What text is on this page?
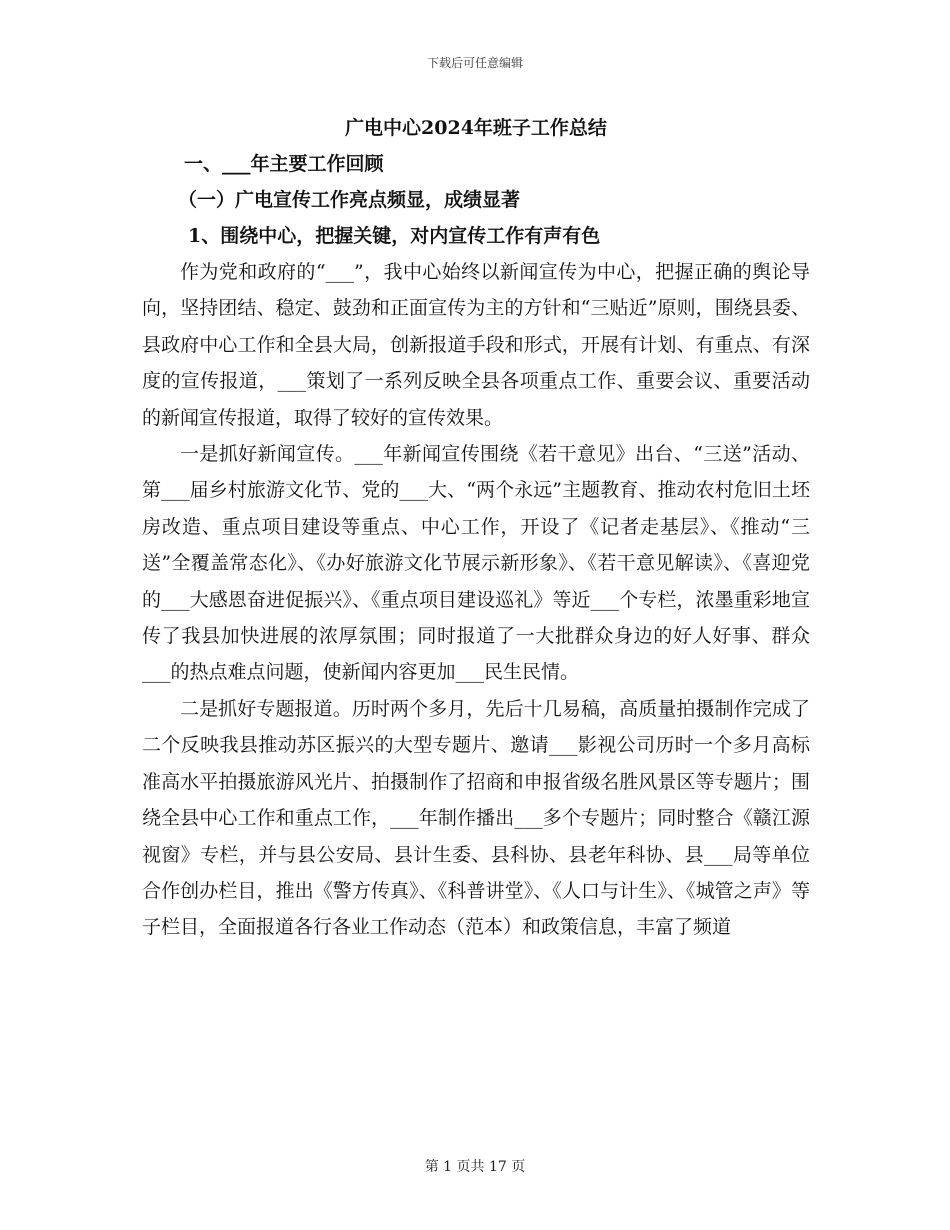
下载后可任意编辑
广电中心2024年班子工作总结
一、___年主要工作回顾
（一）广电宣传工作亮点频显，成绩显著
1、围绕中心，把握关键，对内宣传工作有声有色

作为党和政府的“___”，我中心始终以新闻宣传为中心，把握正确的舆论导向，坚持团结、稳定、鼓劲和正面宣传为主的方针和“三贴近”原则，围绕县委、县政府中心工作和全县大局，创新报道手段和形式，开展有计划、有重点、有深度的宣传报道，___策划了一系列反映全县各项重点工作、重要会议、重要活动的新闻宣传报道，取得了较好的宣传效果。

一是抓好新闻宣传。___年新闻宣传围绕《若干意见》出台、“三送”活动、第___届乡村旅游文化节、党的___大、“两个永远”主题教育、推动农村危旧土坯房改造、重点项目建设等重点、中心工作，开设了《记者走基层》、《推动“三送”全覆盖常态化》、《办好旅游文化节展示新形象》、《若干意见解读》、《喜迎党的___大感恩奋进促振兴》、《重点项目建设巡礼》等近___个专栏，浓墨重彩地宣传了我县加快进展的浓厚氛围；同时报道了一大批群众身边的好人好事、群众___的热点难点问题，使新闻内容更加___民生民情。

二是抓好专题报道。历时两个多月，先后十几易稿，高质量拍摄制作完成了二个反映我县推动苏区振兴的大型专题片、邀请___影视公司历时一个多月高标准高水平拍摄旅游风光片、拍摄制作了招商和申报省级名胜风景区等专题片；围绕全县中心工作和重点工作，___年制作播出___多个专题片；同时整合《赣江源视窗》专栏，并与县公安局、县计生委、县科协、县老年科协、县___局等单位合作创办栏目，推出《警方传真》、《科普讲堂》、《人口与计生》、《城管之声》等子栏目，全面报道各行各业工作动态（范本）和政策信息，丰富了频道

第 1 页共 17 页
